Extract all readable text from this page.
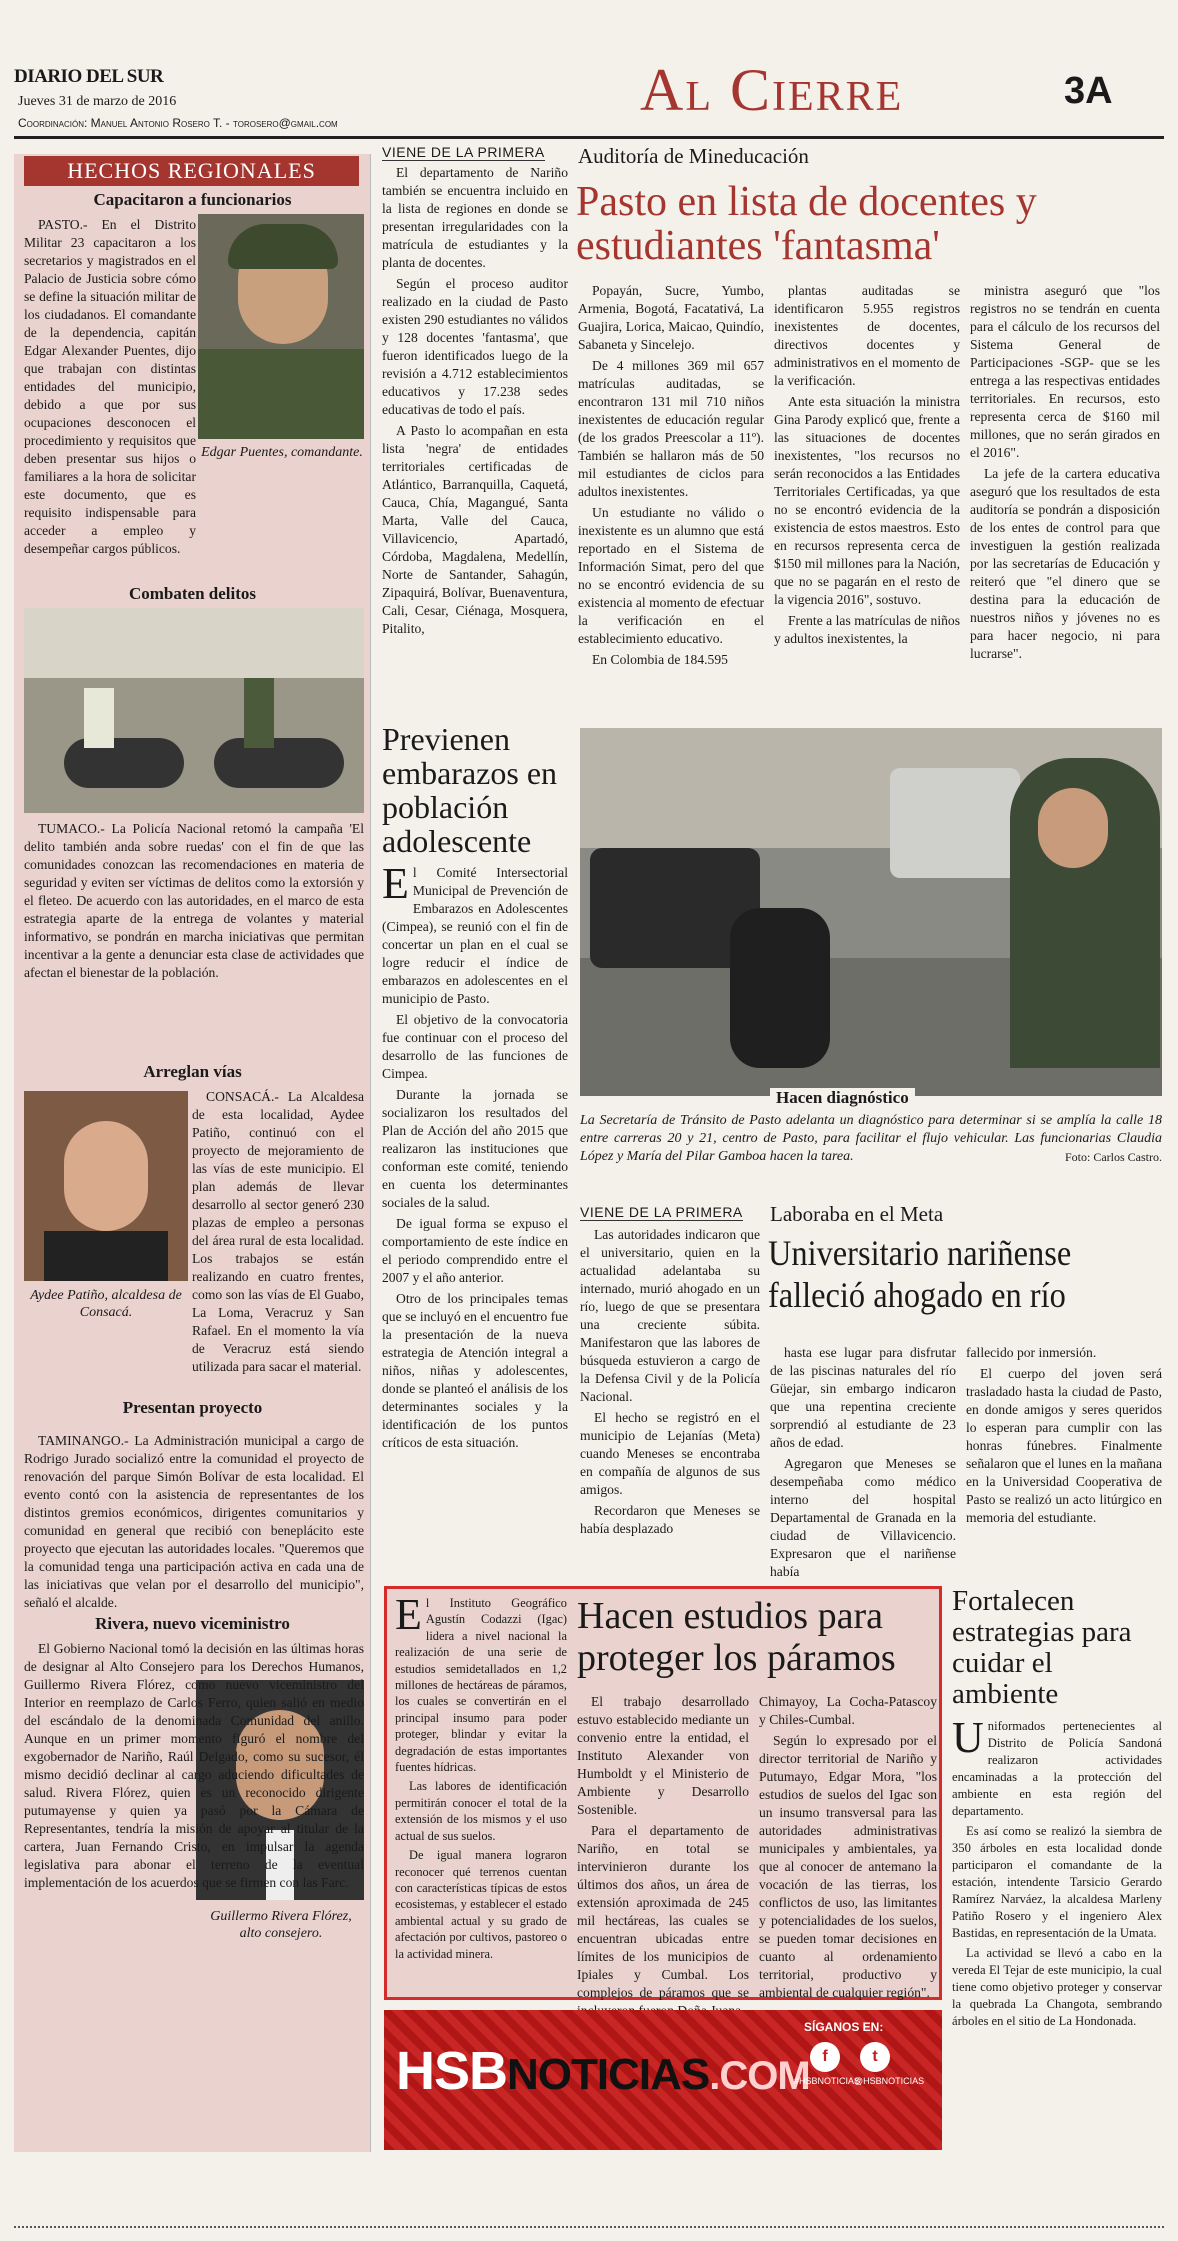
DIARIO DEL SUR
Jueves 31 de marzo de 2016
Coordinación: Manuel Antonio Rosero T. - torosero@gmail.com	Al Cierre	3A
HECHOS REGIONALES
Capacitaron a funcionarios

PASTO.- En el Distrito Militar 23 capacitaron a los secretarios y magistrados en el Palacio de Justicia sobre cómo se define la situación militar de los ciudadanos. El comandante de la dependencia, capitán Edgar Alexander Puentes, dijo que trabajan con distintas entidades del municipio, debido a que por sus ocupaciones desconocen el procedimiento y requisitos que deben presentar sus hijos o familiares a la hora de solicitar este documento, que es requisito indispensable para acceder a empleo y desempeñar cargos públicos.

Edgar Puentes, comandante.
Combaten delitos

TUMACO.- La Policía Nacional retomó la campaña 'El delito también anda sobre ruedas' con el fin de que las comunidades conozcan las recomendaciones en materia de seguridad y eviten ser víctimas de delitos como la extorsión y el fleteo. De acuerdo con las autoridades, en el marco de esta estrategia aparte de la entrega de volantes y material informativo, se pondrán en marcha iniciativas que permitan incentivar a la gente a denunciar esta clase de actividades que afectan el bienestar de la población.

Arreglan vías

CONSACÁ.- La Alcaldesa de esta localidad, Aydee Patiño, continuó con el proyecto de mejoramiento de las vías de este municipio. El plan además de llevar desarrollo al sector generó 230 plazas de empleo a personas del área rural de esta localidad. Los trabajos se están realizando en cuatro frentes, como son las vías de El Guabo, La Loma, Veracruz y San Rafael. En el momento la vía de Veracruz está siendo utilizada para sacar el material.

Aydee Patiño, alcaldesa de Consacá.
Presentan proyecto

TAMINANGO.- La Administración municipal a cargo de Rodrigo Jurado socializó entre la comunidad el proyecto de renovación del parque Simón Bolívar de esta localidad. El evento contó con la asistencia de representantes de los distintos gremios económicos, dirigentes comunitarios y comunidad en general que recibió con beneplácito este proyecto que ejecutan las autoridades locales. "Queremos que la comunidad tenga una participación activa en cada una de las iniciativas que velan por el desarrollo del municipio", señaló el alcalde.

Rivera, nuevo viceministro

El Gobierno Nacional tomó la decisión en las últimas horas de designar al Alto Consejero para los Derechos Humanos, Guillermo Rivera Flórez, como nuevo viceministro del Interior en reemplazo de Carlos Ferro, quien salió en medio del escándalo de la denominada Comunidad del anillo. Aunque en un primer momento figuró el nombre del exgobernador de Nariño, Raúl Delgado, como su sucesor, él mismo decidió declinar al cargo aduciendo dificultades de salud. Rivera Flórez, quien es un reconocido dirigente putumayense y quien ya pasó por la Cámara de Representantes, tendría la misión de apoyar al titular de la cartera, Juan Fernando Cristo, en impulsar la agenda legislativa para abonar el terreno de la eventual implementación de los acuerdos que se firmen con las Farc.

Guillermo Rivera Flórez, alto consejero.
VIENE DE LA PRIMERA Auditoría de Mineducación
Pasto en lista de docentes y estudiantes 'fantasma'

El departamento de Nariño también se encuentra incluido en la lista de regiones en donde se presentan irregularidades con la matrícula de estudiantes y la planta de docentes.

Según el proceso auditor realizado en la ciudad de Pasto existen 290 estudiantes no válidos y 128 docentes 'fantasma', que fueron identificados luego de la revisión a 4.712 establecimientos educativos y 17.238 sedes educativas de todo el país.

A Pasto lo acompañan en esta lista 'negra' de entidades territoriales certificadas de Atlántico, Barranquilla, Caquetá, Cauca, Chía, Magangué, Santa Marta, Valle del Cauca, Villavicencio, Apartadó, Córdoba, Magdalena, Medellín, Norte de Santander, Sahagún, Zipaquirá, Bolívar, Buenaventura, Cali, Cesar, Ciénaga, Mosquera, Pitalito,

Popayán, Sucre, Yumbo, Armenia, Bogotá, Facatativá, La Guajira, Lorica, Maicao, Quindío, Sabaneta y Sincelejo.

De 4 millones 369 mil 657 matrículas auditadas, se encontraron 131 mil 710 niños inexistentes de educación regular (de los grados Preescolar a 11º). También se hallaron más de 50 mil estudiantes de ciclos para adultos inexistentes.

Un estudiante no válido o inexistente es un alumno que está reportado en el Sistema de Información Simat, pero del que no se encontró evidencia de su existencia al momento de efectuar la verificación en el establecimiento educativo.

En Colombia de 184.595

plantas auditadas se identificaron 5.955 registros inexistentes de docentes, directivos docentes y administrativos en el momento de la verificación.

Ante esta situación la ministra Gina Parody explicó que, frente a las situaciones de docentes inexistentes, "los recursos no serán reconocidos a las Entidades Territoriales Certificadas, ya que no se encontró evidencia de la existencia de estos maestros. Esto en recursos representa cerca de $150 mil millones para la Nación, que no se pagarán en el resto de la vigencia 2016", sostuvo.

Frente a las matrículas de niños y adultos inexistentes, la

ministra aseguró que "los registros no se tendrán en cuenta para el cálculo de los recursos del Sistema General de Participaciones -SGP- que se les entrega a las respectivas entidades territoriales. En recursos, esto representa cerca de $160 mil millones, que no serán girados en el 2016".

La jefe de la cartera educativa aseguró que los resultados de esta auditoría se pondrán a disposición de los entes de control para que investiguen la gestión realizada por las secretarías de Educación y reiteró que "el dinero que se destina para la educación de nuestros niños y jóvenes no es para hacer negocio, ni para lucrarse".

Previenen embarazos en población adolescente

El Comité Intersectorial Municipal de Prevención de Embarazos en Adolescentes (Cimpea), se reunió con el fin de concertar un plan en el cual se logre reducir el índice de embarazos en adolescentes en el municipio de Pasto.

El objetivo de la convocatoria fue continuar con el proceso del desarrollo de las funciones de Cimpea.

Durante la jornada se socializaron los resultados del Plan de Acción del año 2015 que realizaron las instituciones que conforman este comité, teniendo en cuenta los determinantes sociales de la salud.

De igual forma se expuso el comportamiento de este índice en el periodo comprendido entre el 2007 y el año anterior.

Otro de los principales temas que se incluyó en el encuentro fue la presentación de la nueva estrategia de Atención integral a niños, niñas y adolescentes, donde se planteó el análisis de los determinantes sociales y la identificación de los puntos críticos de esta situación.

Hacen diagnóstico
La Secretaría de Tránsito de Pasto adelanta un diagnóstico para determinar si se amplía la calle 18 entre carreras 20 y 21, centro de Pasto, para facilitar el flujo vehicular. Las funcionarias Claudia López y María del Pilar Gamboa hacen la tarea.	Foto: Carlos Castro.
VIENE DE LA PRIMERA Laboraba en el Meta
Universitario nariñense falleció ahogado en río

Las autoridades indicaron que el universitario, quien en la actualidad adelantaba su internado, murió ahogado en un río, luego de que se presentara una creciente súbita. Manifestaron que las labores de búsqueda estuvieron a cargo de la Defensa Civil y de la Policía Nacional.

El hecho se registró en el municipio de Lejanías (Meta) cuando Meneses se encontraba en compañía de algunos de sus amigos.

Recordaron que Meneses se había desplazado

hasta ese lugar para disfrutar de las piscinas naturales del río Güejar, sin embargo indicaron que una repentina creciente sorprendió al estudiante de 23 años de edad.

Agregaron que Meneses se desempeñaba como médico interno del hospital Departamental de Granada en la ciudad de Villavicencio. Expresaron que el nariñense había

fallecido por inmersión.

El cuerpo del joven será trasladado hasta la ciudad de Pasto, en donde amigos y seres queridos lo esperan para cumplir con las honras fúnebres. Finalmente señalaron que el lunes en la mañana en la Universidad Cooperativa de Pasto se realizó un acto litúrgico en memoria del estudiante.

Hacen estudios para proteger los páramos

El Instituto Geográfico Agustín Codazzi (Igac) lidera a nivel nacional la realización de una serie de estudios semidetallados en 1,2 millones de hectáreas de páramos, los cuales se convertirán en el principal insumo para poder proteger, blindar y evitar la degradación de estas importantes fuentes hídricas.

Las labores de identificación permitirán conocer el total de la extensión de los mismos y el uso actual de sus suelos.

De igual manera lograron reconocer qué terrenos cuentan con características típicas de estos ecosistemas, y establecer el estado ambiental actual y su grado de afectación por cultivos, pastoreo o la actividad minera.

El trabajo desarrollado estuvo establecido mediante un convenio entre la entidad, el Instituto Alexander von Humboldt y el Ministerio de Ambiente y Desarrollo Sostenible.

Para el departamento de Nariño, en total se intervinieron durante los últimos dos años, un área de extensión aproximada de 245 mil hectáreas, las cuales se encuentran ubicadas entre límites de los municipios de Ipiales y Cumbal. Los complejos de páramos que se

Chimayoy, La Cocha-Patascoy y Chiles-Cumbal.

Según lo expresado por el director territorial de Nariño y Putumayo, Edgar Mora, "los estudios de suelos del Igac son un insumo transversal para las autoridades administrativas municipales y ambientales, ya que al conocer de antemano la vocación de las tierras, los conflictos de uso, las limitantes y potencialidades de los suelos, se pueden tomar decisiones en cuanto al ordenamiento territorial, productivo y ambiental de cualquier región".

Fortalecen estrategias para cuidar el ambiente

Uniformados pertenecientes al Distrito de Policía Sandoná realizaron actividades encaminadas a la protección del ambiente en esta región del departamento.

Es así como se realizó la siembra de 350 árboles en esta localidad donde participaron el comandante de la estación, intendente Tarsicio Gerardo Ramírez Narváez, la alcaldesa Marleny Patiño Rosero y el ingeniero Alex Bastidas, en representación de la Umata.

La actividad se llevó a cabo en la vereda El Tejar de este municipio, la cual tiene como objetivo proteger y conservar la quebrada La Changota, sembrando árboles en el sitio de La Hondonada.

HSBNOTICIAS.COM
SÍGANOS EN:
f	t
#HSBNOTICIAS
@HSBNOTICIAS
